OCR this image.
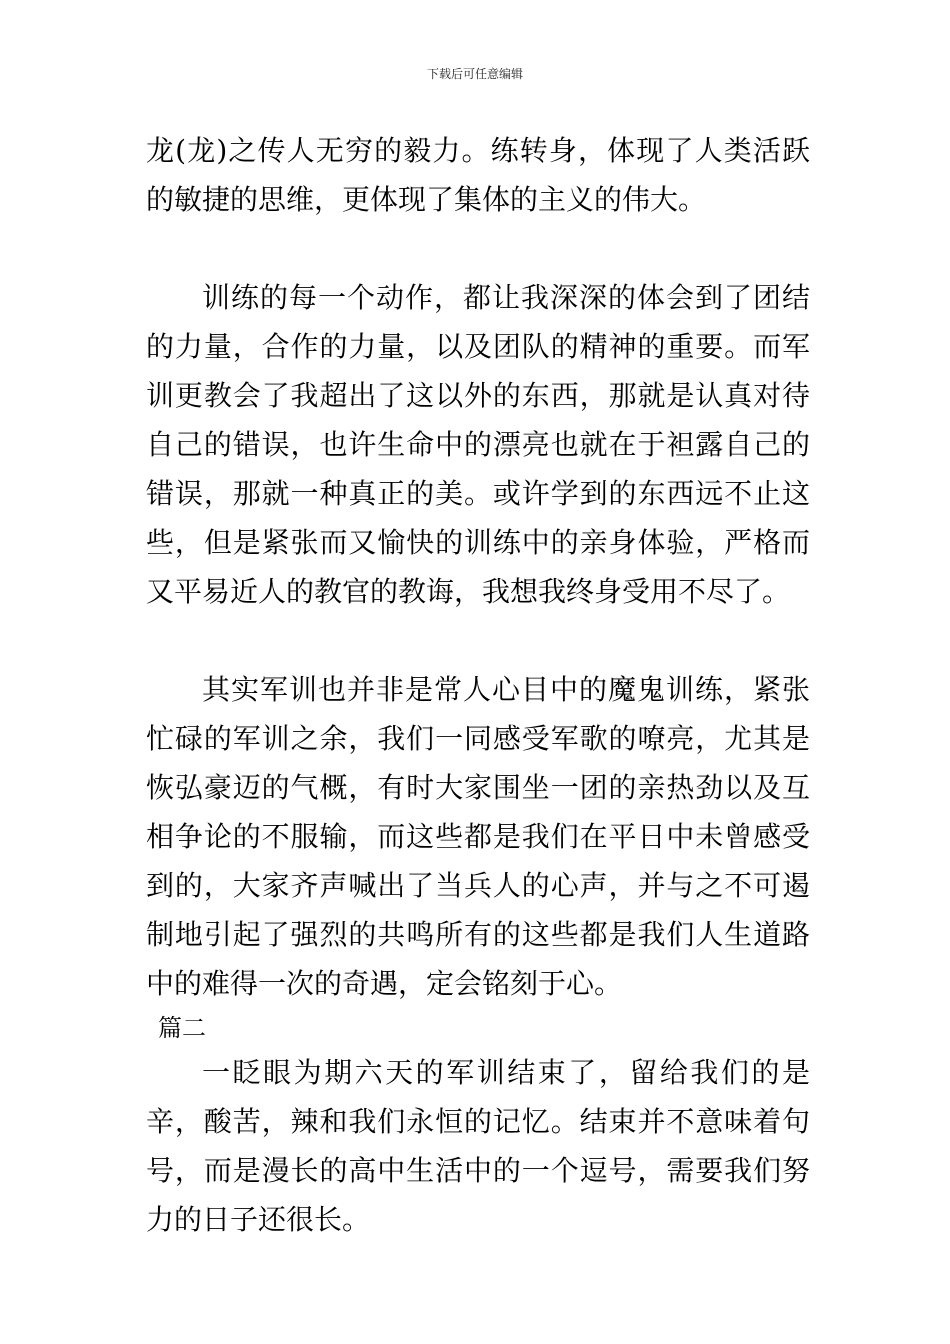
下载后可任意编辑

龙(龙)之传人无穷的毅力。练转身，体现了人类活跃的敏捷的思维，更体现了集体的主义的伟大。

训练的每一个动作，都让我深深的体会到了团结的力量，合作的力量，以及团队的精神的重要。而军训更教会了我超出了这以外的东西，那就是认真对待自己的错误，也许生命中的漂亮也就在于袒露自己的错误，那就一种真正的美。或许学到的东西远不止这些，但是紧张而又愉快的训练中的亲身体验，严格而又平易近人的教官的教诲，我想我终身受用不尽了。

其实军训也并非是常人心目中的魔鬼训练，紧张忙碌的军训之余，我们一同感受军歌的嘹亮，尤其是恢弘豪迈的气概，有时大家围坐一团的亲热劲以及互相争论的不服输，而这些都是我们在平日中未曾感受到的，大家齐声喊出了当兵人的心声，并与之不可遏制地引起了强烈的共鸣所有的这些都是我们人生道路中的难得一次的奇遇，定会铭刻于心。

篇二

一眨眼为期六天的军训结束了，留给我们的是辛，酸苦，辣和我们永恒的记忆。结束并不意味着句号，而是漫长的高中生活中的一个逗号，需要我们努力的日子还很长。
